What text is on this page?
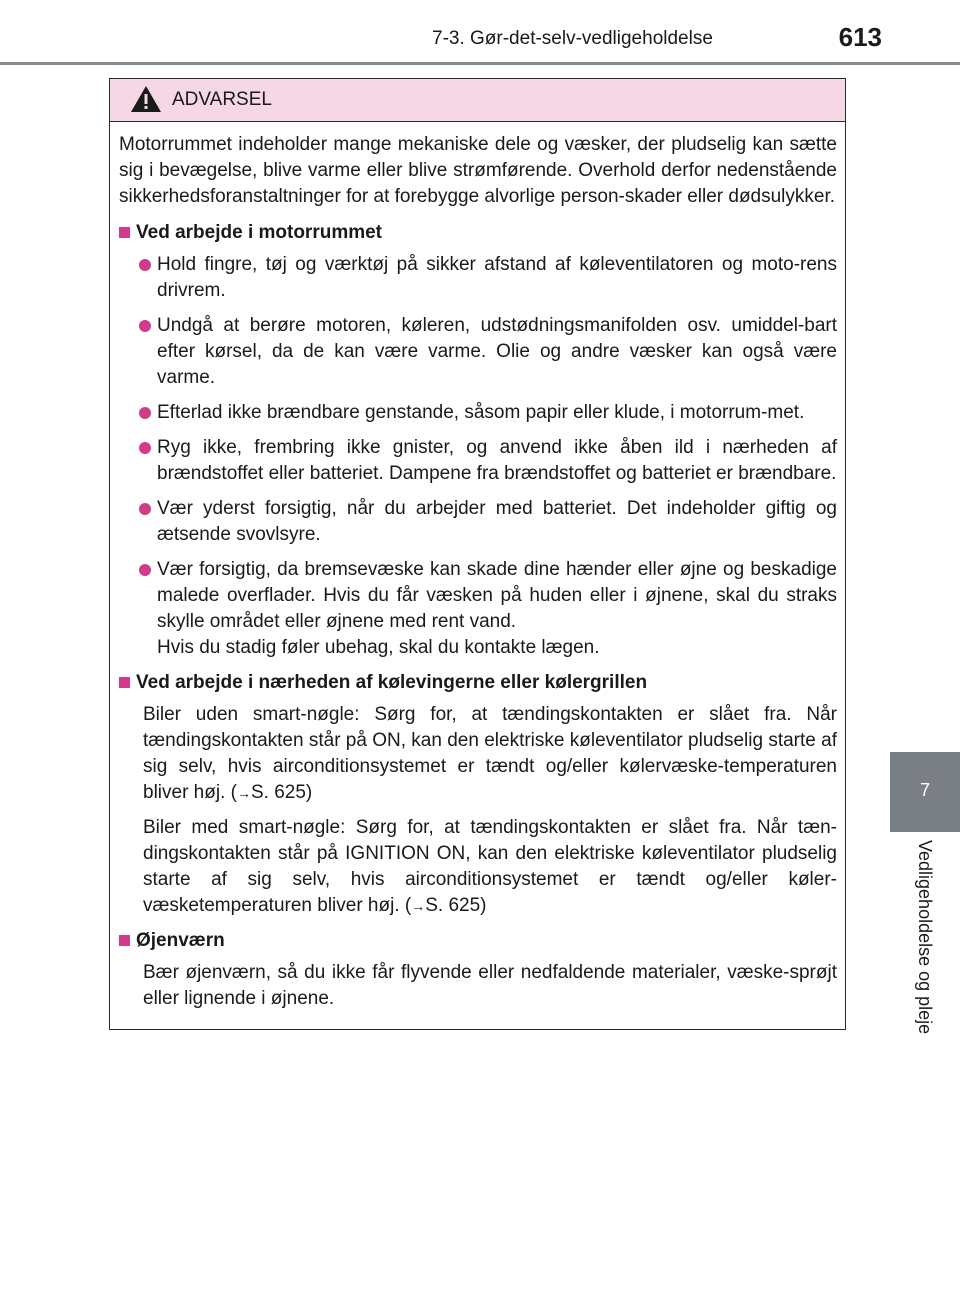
7-3. Gør-det-selv-vedligeholdelse	613
7
Vedligeholdelse og pleje
ADVARSEL

Motorrummet indeholder mange mekaniske dele og væsker, der pludselig kan sætte sig i bevægelse, blive varme eller blive strømførende. Overhold derfor nedenstående sikkerhedsforanstaltninger for at forebygge alvorlige person-skader eller dødsulykker.

Ved arbejde i motorrummet

Hold fingre, tøj og værktøj på sikker afstand af køleventilatoren og moto-rens drivrem.

Undgå at berøre motoren, køleren, udstødningsmanifolden osv. umiddel-bart efter kørsel, da de kan være varme. Olie og andre væsker kan også være varme.

Efterlad ikke brændbare genstande, såsom papir eller klude, i motorrum-met.

Ryg ikke, frembring ikke gnister, og anvend ikke åben ild i nærheden af brændstoffet eller batteriet. Dampene fra brændstoffet og batteriet er brændbare.

Vær yderst forsigtig, når du arbejder med batteriet. Det indeholder giftig og ætsende svovlsyre.

Vær forsigtig, da bremsevæske kan skade dine hænder eller øjne og beskadige malede overflader. Hvis du får væsken på huden eller i øjnene, skal du straks skylle området eller øjnene med rent vand.

Hvis du stadig føler ubehag, skal du kontakte lægen.

Ved arbejde i nærheden af kølevingerne eller kølergrillen

Biler uden smart-nøgle: Sørg for, at tændingskontakten er slået fra. Når tændingskontakten står på ON, kan den elektriske køleventilator pludselig starte af sig selv, hvis airconditionsystemet er tændt og/eller kølervæske-temperaturen bliver høj. (→S. 625)

Biler med smart-nøgle: Sørg for, at tændingskontakten er slået fra. Når tæn-dingskontakten står på IGNITION ON, kan den elektriske køleventilator pludselig starte af sig selv, hvis airconditionsystemet er tændt og/eller køler-væsketemperaturen bliver høj. (→S. 625)

Øjenværn

Bær øjenværn, så du ikke får flyvende eller nedfaldende materialer, væske-sprøjt eller lignende i øjnene.
